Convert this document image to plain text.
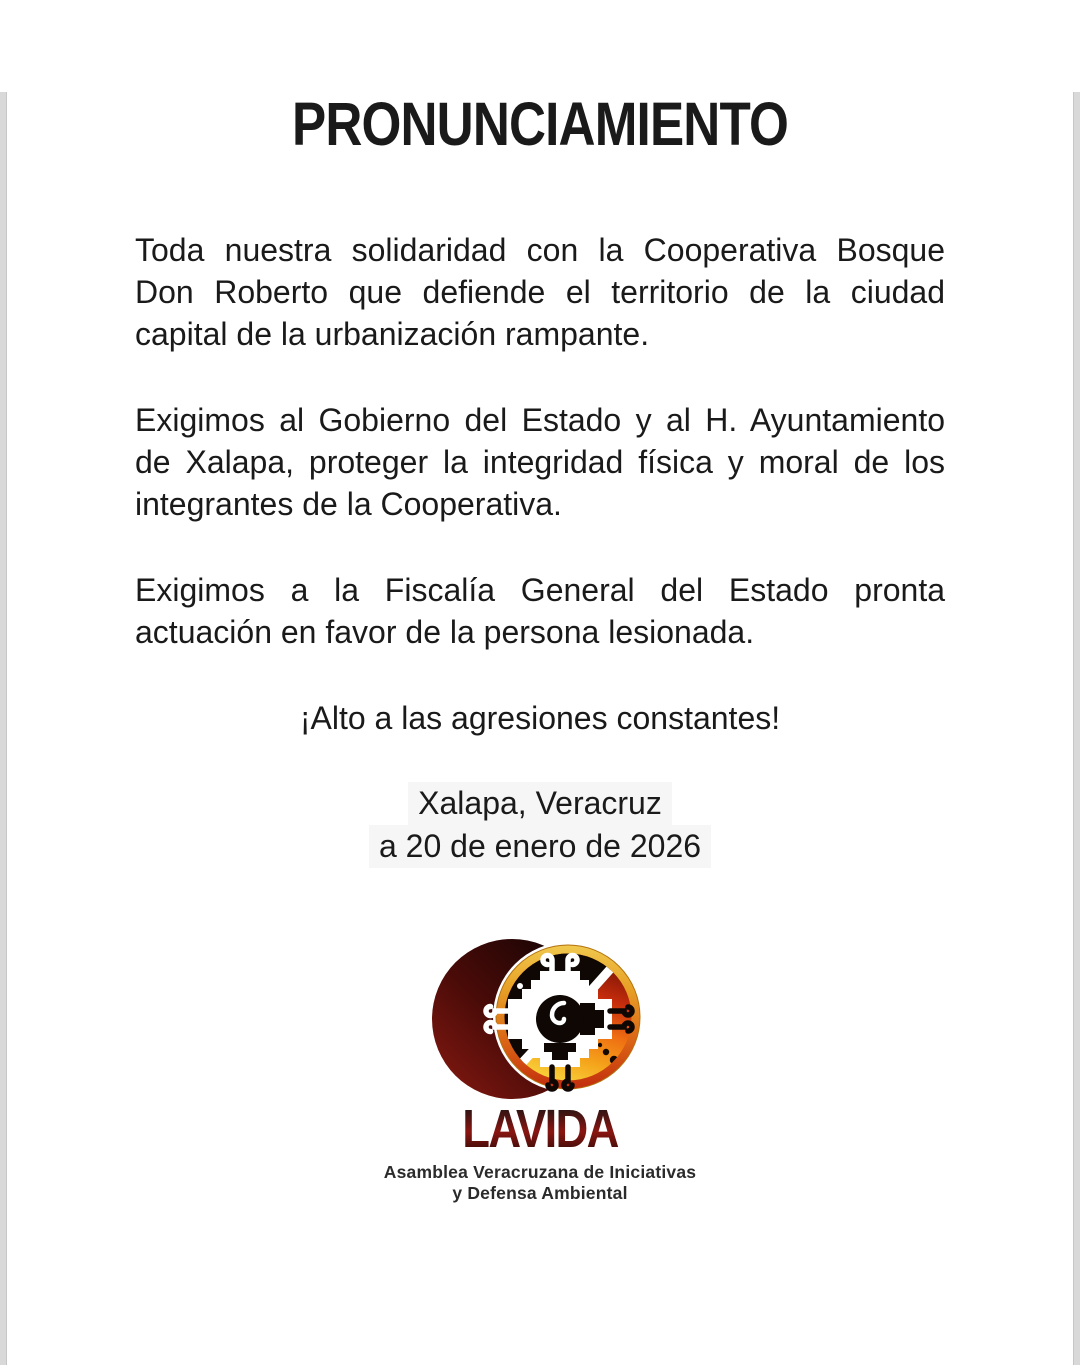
PRONUNCIAMIENTO
Toda nuestra solidaridad con la Cooperativa Bosque
Don Roberto que defiende el territorio de la ciudad
capital de la urbanización rampante.
Exigimos al Gobierno del Estado y al H. Ayuntamiento
de Xalapa, proteger la integridad física y moral de los
integrantes de la Cooperativa.
Exigimos a la Fiscalía General del Estado pronta
actuación en favor de la persona lesionada.
¡Alto a las agresiones constantes!
Xalapa, Veracruz
a 20 de enero de 2026
LAVIDA
Asamblea Veracruzana de Iniciativas
y Defensa Ambiental
